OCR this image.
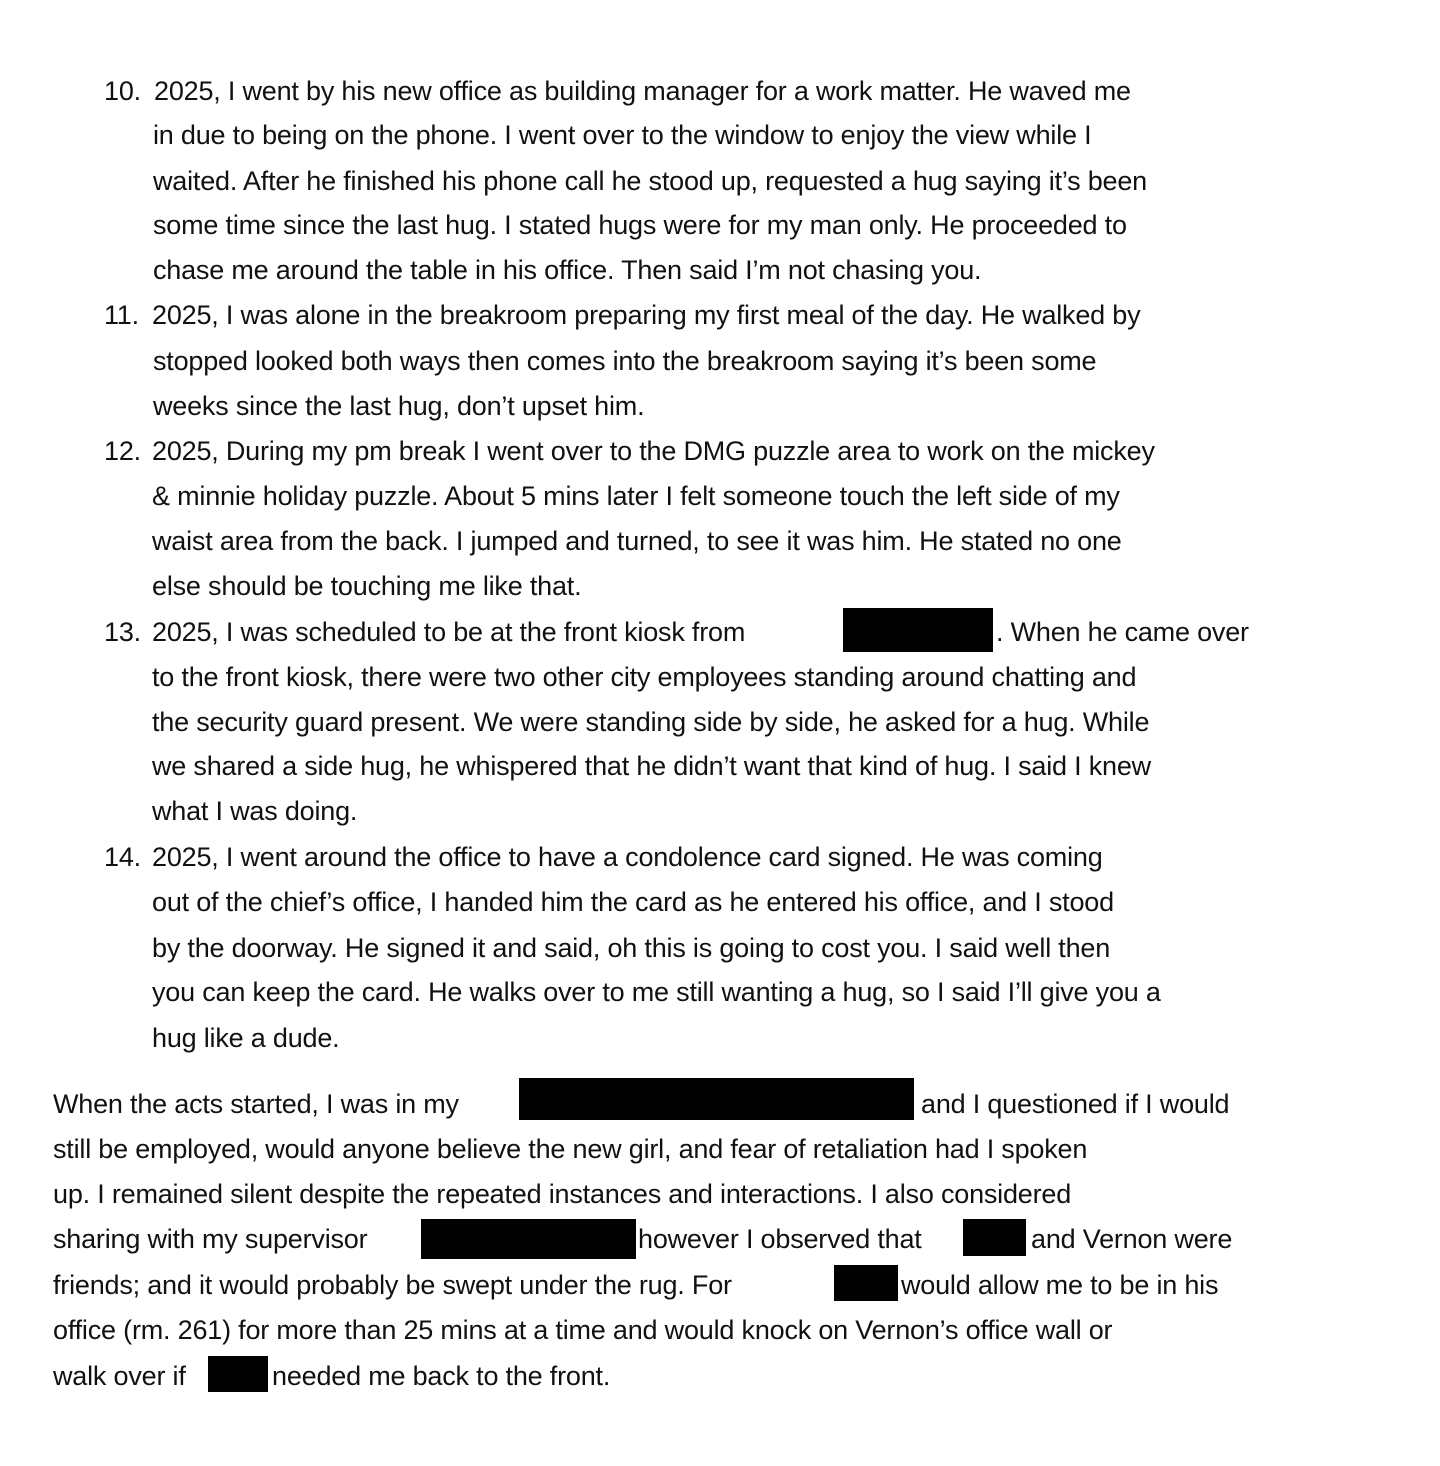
10. 2025, I went by his new office as building manager for a work matter. He waved me
in due to being on the phone. I went over to the window to enjoy the view while I
waited. After he finished his phone call he stood up, requested a hug saying it’s been
some time since the last hug. I stated hugs were for my man only. He proceeded to
chase me around the table in his office. Then said I’m not chasing you.
11. 2025, I was alone in the breakroom preparing my first meal of the day. He walked by
stopped looked both ways then comes into the breakroom saying it’s been some
weeks since the last hug, don’t upset him.
12. 2025, During my pm break I went over to the DMG puzzle area to work on the mickey
& minnie holiday puzzle. About 5 mins later I felt someone touch the left side of my
waist area from the back. I jumped and turned, to see it was him. He stated no one
else should be touching me like that.
13. 2025, I was scheduled to be at the front kiosk from	. When he came over
to the front kiosk, there were two other city employees standing around chatting and
the security guard present. We were standing side by side, he asked for a hug. While
we shared a side hug, he whispered that he didn’t want that kind of hug. I said I knew
what I was doing.
14. 2025, I went around the office to have a condolence card signed. He was coming
out of the chief’s office, I handed him the card as he entered his office, and I stood
by the doorway. He signed it and said, oh this is going to cost you. I said well then
you can keep the card. He walks over to me still wanting a hug, so I said I’ll give you a
hug like a dude.
When the acts started, I was in my	and I questioned if I would
still be employed, would anyone believe the new girl, and fear of retaliation had I spoken
up. I remained silent despite the repeated instances and interactions. I also considered
sharing with my supervisor	however I observed that	and Vernon were
friends; and it would probably be swept under the rug. For	would allow me to be in his
office (rm. 261) for more than 25 mins at a time and would knock on Vernon’s office wall or
walk over if	needed me back to the front.
